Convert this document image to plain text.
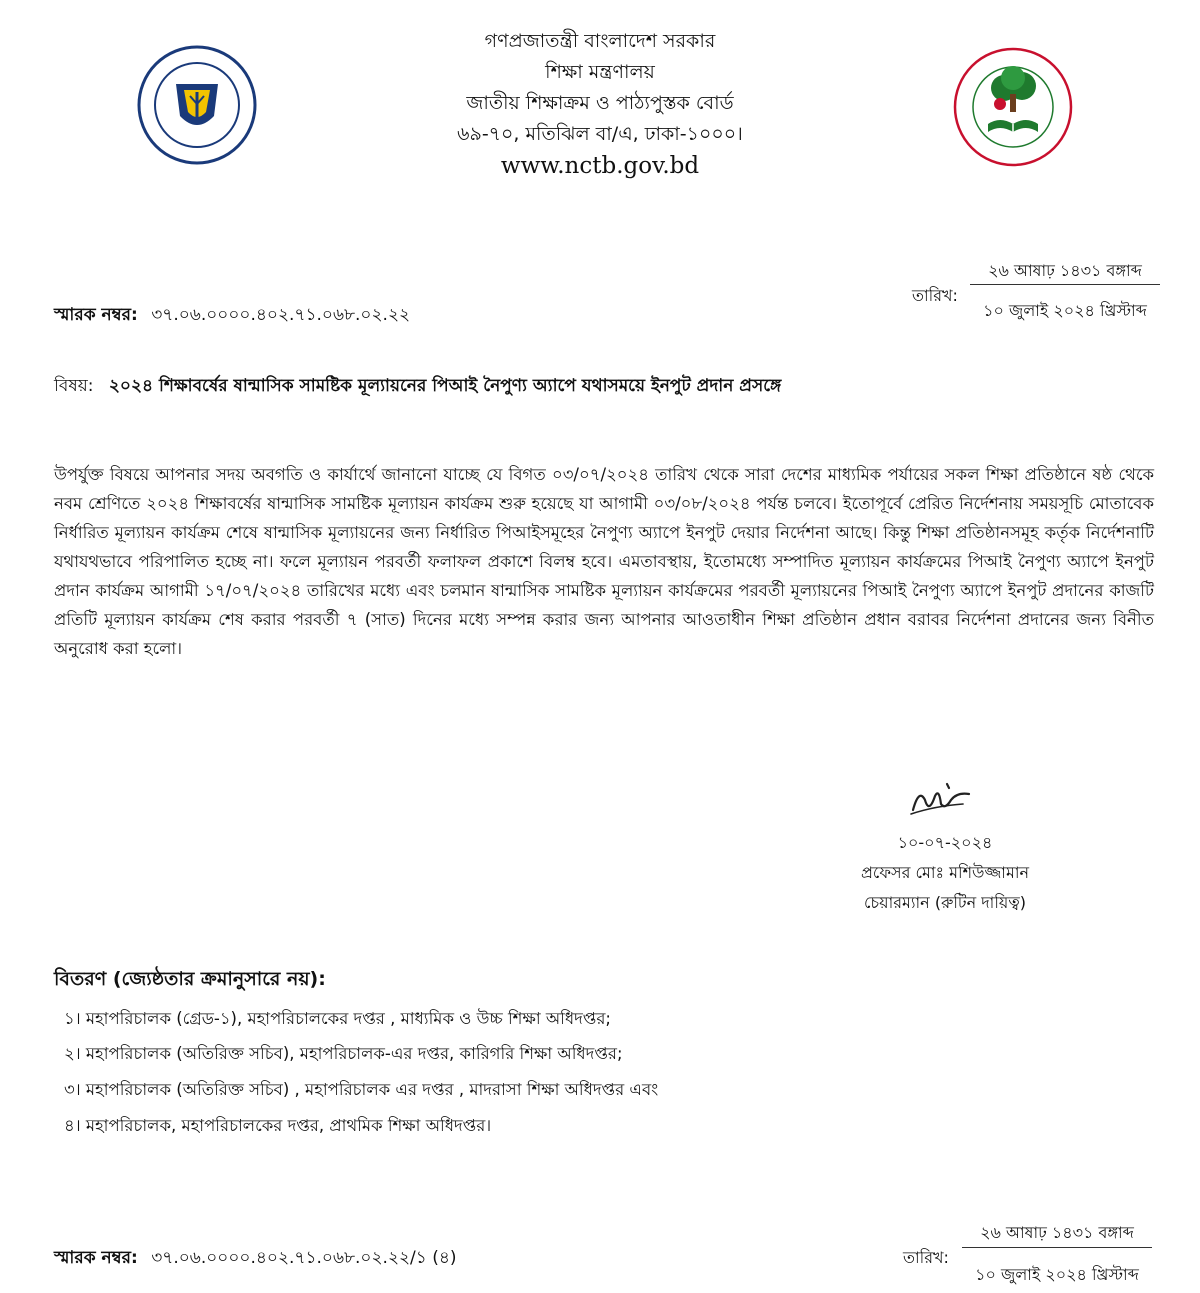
গণপ্রজাতন্ত্রী বাংলাদেশ সরকার
শিক্ষা মন্ত্রণালয়
জাতীয় শিক্ষাক্রম ও পাঠ্যপুস্তক বোর্ড
৬৯-৭০, মতিঝিল বা/এ, ঢাকা-১০০০।
www.nctb.gov.bd
স্মারক নম্বর: ৩৭.০৬.০০০০.৪০২.৭১.০৬৮.০২.২২
তারিখ:
২৬ আষাঢ় ১৪৩১ বঙ্গাব্দ
১০ জুলাই ২০২৪ খ্রিস্টাব্দ
বিষয়: ২০২৪ শিক্ষাবর্ষের ষান্মাসিক সামষ্টিক মূল্যায়নের পিআই নৈপুণ্য অ্যাপে যথাসময়ে ইনপুট প্রদান প্রসঙ্গে

উপর্যুক্ত বিষয়ে আপনার সদয় অবগতি ও কার্যার্থে জানানো যাচ্ছে যে বিগত ০৩/০৭/২০২৪ তারিখ থেকে সারা দেশের মাধ্যমিক পর্যায়ের সকল শিক্ষা প্রতিষ্ঠানে ষষ্ঠ থেকে নবম শ্রেণিতে ২০২৪ শিক্ষাবর্ষের ষান্মাসিক সামষ্টিক মূল্যায়ন কার্যক্রম শুরু হয়েছে যা আগামী ০৩/০৮/২০২৪ পর্যন্ত চলবে। ইতোপূর্বে প্রেরিত নির্দেশনায় সময়সূচি মোতাবেক নির্ধারিত মূল্যায়ন কার্যক্রম শেষে ষান্মাসিক মূল্যায়নের জন্য নির্ধারিত পিআইসমূহের নৈপুণ্য অ্যাপে ইনপুট দেয়ার নির্দেশনা আছে। কিন্তু শিক্ষা প্রতিষ্ঠানসমূহ কর্তৃক নির্দেশনাটি যথাযথভাবে পরিপালিত হচ্ছে না। ফলে মূল্যায়ন পরবর্তী ফলাফল প্রকাশে বিলম্ব হবে। এমতাবস্থায়, ইতোমধ্যে সম্পাদিত মূল্যায়ন কার্যক্রমের পিআই নৈপুণ্য অ্যাপে ইনপুট প্রদান কার্যক্রম আগামী ১৭/০৭/২০২৪ তারিখের মধ্যে এবং চলমান ষান্মাসিক সামষ্টিক মূল্যায়ন কার্যক্রমের পরবর্তী মূল্যায়নের পিআই নৈপুণ্য অ্যাপে ইনপুট প্রদানের কাজটি প্রতিটি মূল্যায়ন কার্যক্রম শেষ করার পরবর্তী ৭ (সাত) দিনের মধ্যে সম্পন্ন করার জন্য আপনার আওতাধীন শিক্ষা প্রতিষ্ঠান প্রধান বরাবর নির্দেশনা প্রদানের জন্য বিনীত অনুরোধ করা হলো।

১০-০৭-২০২৪
প্রফেসর মোঃ মশিউজ্জামান
চেয়ারম্যান (রুটিন দায়িত্ব)
বিতরণ (জ্যেষ্ঠতার ক্রমানুসারে নয়):
১। মহাপরিচালক (গ্রেড-১), মহাপরিচালকের দপ্তর , মাধ্যমিক ও উচ্চ শিক্ষা অধিদপ্তর;
২। মহাপরিচালক (অতিরিক্ত সচিব), মহাপরিচালক-এর দপ্তর, কারিগরি শিক্ষা অধিদপ্তর;
৩। মহাপরিচালক (অতিরিক্ত সচিব) , মহাপরিচালক এর দপ্তর , মাদরাসা শিক্ষা অধিদপ্তর এবং
৪। মহাপরিচালক, মহাপরিচালকের দপ্তর, প্রাথমিক শিক্ষা অধিদপ্তর।
স্মারক নম্বর: ৩৭.০৬.০০০০.৪০২.৭১.০৬৮.০২.২২/১ (৪)	তারিখ:
২৬ আষাঢ় ১৪৩১ বঙ্গাব্দ
১০ জুলাই ২০২৪ খ্রিস্টাব্দ
